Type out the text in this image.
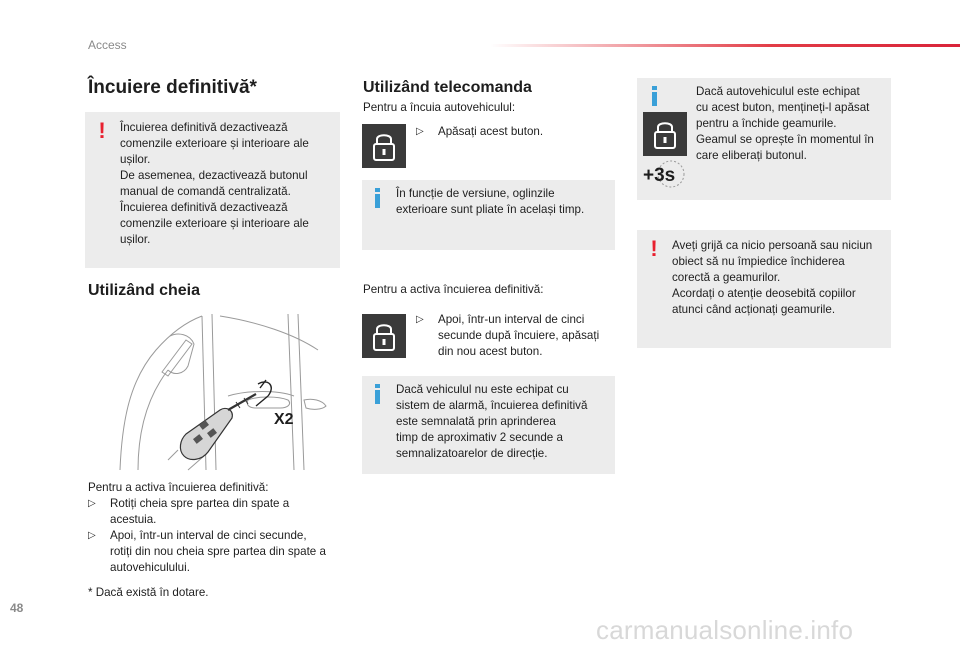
Access
Încuiere definitivă*
! Încuierea definitivă dezactivează
comenzile exterioare și interioare ale
ușilor.
De asemenea, dezactivează butonul
manual de comandă centralizată.
Încuierea definitivă dezactivează
comenzile exterioare și interioare ale
ușilor.
Utilizând cheia
X2
Pentru a activa încuierea definitivă:
▷ Rotiți cheia spre partea din spate a
acestuia.
▷ Apoi, într-un interval de cinci secunde,
rotiți din nou cheia spre partea din spate a
autovehiculului.
* Dacă există în dotare.
Utilizând telecomanda
Pentru a încuia autovehiculul:
▷ Apăsați acest buton.
În funcție de versiune, oglinzile
exterioare sunt pliate în același timp.
Pentru a activa încuierea definitivă:
▷ Apoi, într-un interval de cinci
secunde după încuiere, apăsați
din nou acest buton.
Dacă vehiculul nu este echipat cu
sistem de alarmă, încuierea definitivă
este semnalată prin aprinderea
timp de aproximativ 2 secunde a
semnalizatoarelor de direcție.
+3s
Dacă autovehiculul este echipat
cu acest buton, mențineți-l apăsat
pentru a închide geamurile.
Geamul se oprește în momentul în
care eliberați butonul.
! Aveți grijă ca nicio persoană sau niciun
obiect să nu împiedice închiderea
corectă a geamurilor.
Acordați o atenție deosebită copiilor
atunci când acționați geamurile.
48
carmanualsonline.info
